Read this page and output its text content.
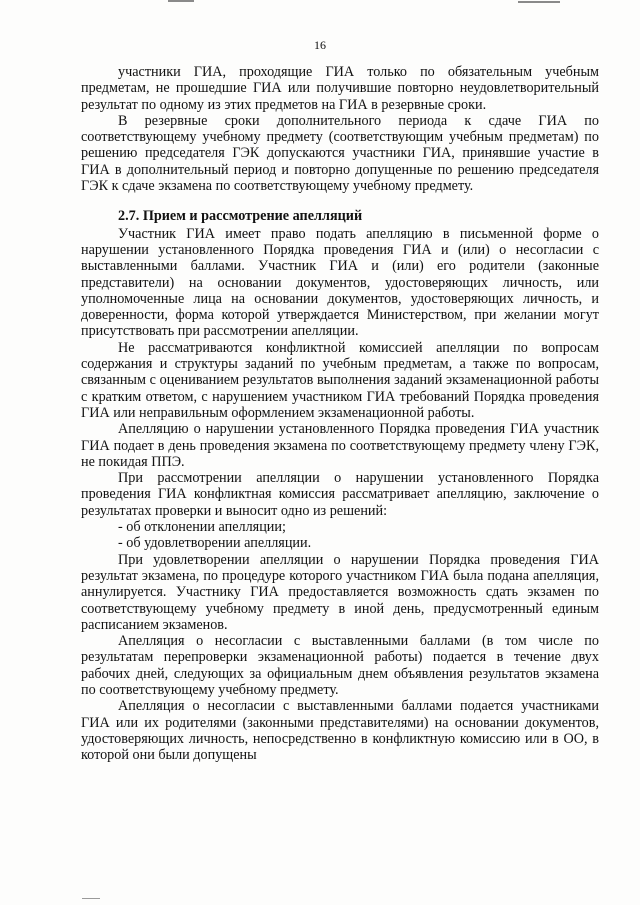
16

участники ГИА, проходящие ГИА только по обязательным учебным предметам, не прошедшие ГИА или получившие повторно неудовлетворительный результат по одному из этих предметов на ГИА в резервные сроки.

В резервные сроки дополнительного периода к сдаче ГИА по соответствующему учебному предмету (соответствующим учебным предметам) по решению председателя ГЭК допускаются участники ГИА, принявшие участие в ГИА в дополнительный период и повторно допущенные по решению председателя ГЭК к сдаче экзамена по соответствующему учебному предмету.

2.7. Прием и рассмотрение апелляций

Участник ГИА имеет право подать апелляцию в письменной форме о нарушении установленного Порядка проведения ГИА и (или) о несогласии с выставленными баллами. Участник ГИА и (или) его родители (законные представители) на основании документов, удостоверяющих личность, или уполномоченные лица на основании документов, удостоверяющих личность, и доверенности, форма которой утверждается Министерством, при желании могут присутствовать при рассмотрении апелляции.

Не рассматриваются конфликтной комиссией апелляции по вопросам содержания и структуры заданий по учебным предметам, а также по вопросам, связанным с оцениванием результатов выполнения заданий экзаменационной работы с кратким ответом, с нарушением участником ГИА требований Порядка проведения ГИА или неправильным оформлением экзаменационной работы.

Апелляцию о нарушении установленного Порядка проведения ГИА участник ГИА подает в день проведения экзамена по соответствующему предмету члену ГЭК, не покидая ППЭ.

При рассмотрении апелляции о нарушении установленного Порядка проведения ГИА конфликтная комиссия рассматривает апелляцию, заключение о результатах проверки и выносит одно из решений:

- об отклонении апелляции;

- об удовлетворении апелляции.

При удовлетворении апелляции о нарушении Порядка проведения ГИА результат экзамена, по процедуре которого участником ГИА была подана апелляция, аннулируется. Участнику ГИА предоставляется возможность сдать экзамен по соответствующему учебному предмету в иной день, предусмотренный единым расписанием экзаменов.

Апелляция о несогласии с выставленными баллами (в том числе по результатам перепроверки экзаменационной работы) подается в течение двух рабочих дней, следующих за официальным днем объявления результатов экзамена по соответствующему учебному предмету.

Апелляция о несогласии с выставленными баллами подается участниками ГИА или их родителями (законными представителями) на основании документов, удостоверяющих личность, непосредственно в конфликтную комиссию или в ОО, в которой они были допущены
